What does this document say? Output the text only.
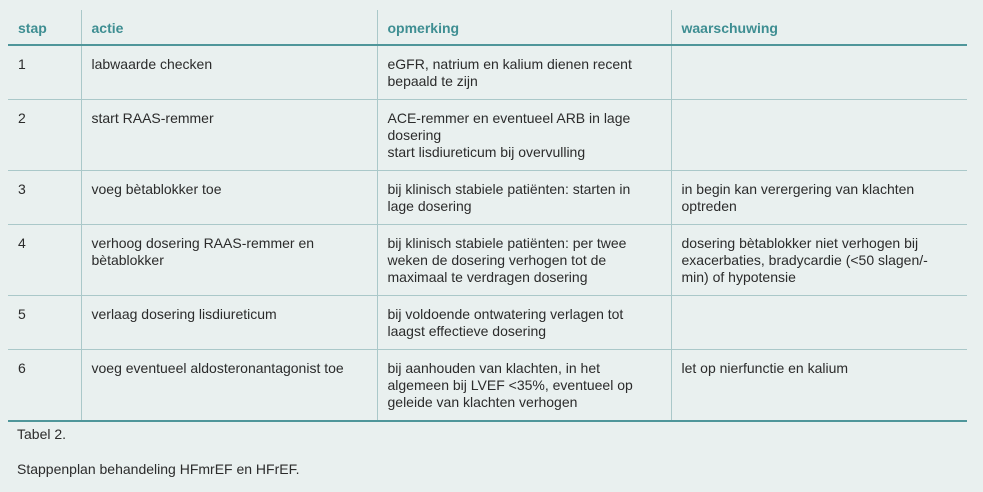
stap	actie	opmerking	waarschuwing
1	labwaarde checken	eGFR, natrium en kalium dienen recent
bepaald te zijn	

2	start RAAS-remmer	ACE-remmer en eventueel ARB in lage
dosering
start lisdiureticum bij overvulling	

3	voeg bètablokker toe	bij klinisch stabiele patiënten: starten in
lage dosering	in begin kan verergering van klachten
optreden

4	verhoog dosering RAAS-remmer en
bètablokker	bij klinisch stabiele patiënten: per twee
weken de dosering verhogen tot de
maximaal te verdragen dosering	dosering bètablokker niet verhogen bij
exacerbaties, bradycardie (<50 slagen/-
min) of hypotensie

5	verlaag dosering lisdiureticum	bij voldoende ontwatering verlagen tot
laagst effectieve dosering	

6	voeg eventueel aldosteronantagonist toe	bij aanhouden van klachten, in het
algemeen bij LVEF <35%, eventueel op
geleide van klachten verhogen	let op nierfunctie en kalium
Tabel 2.
Stappenplan behandeling HFmrEF en HFrEF.
